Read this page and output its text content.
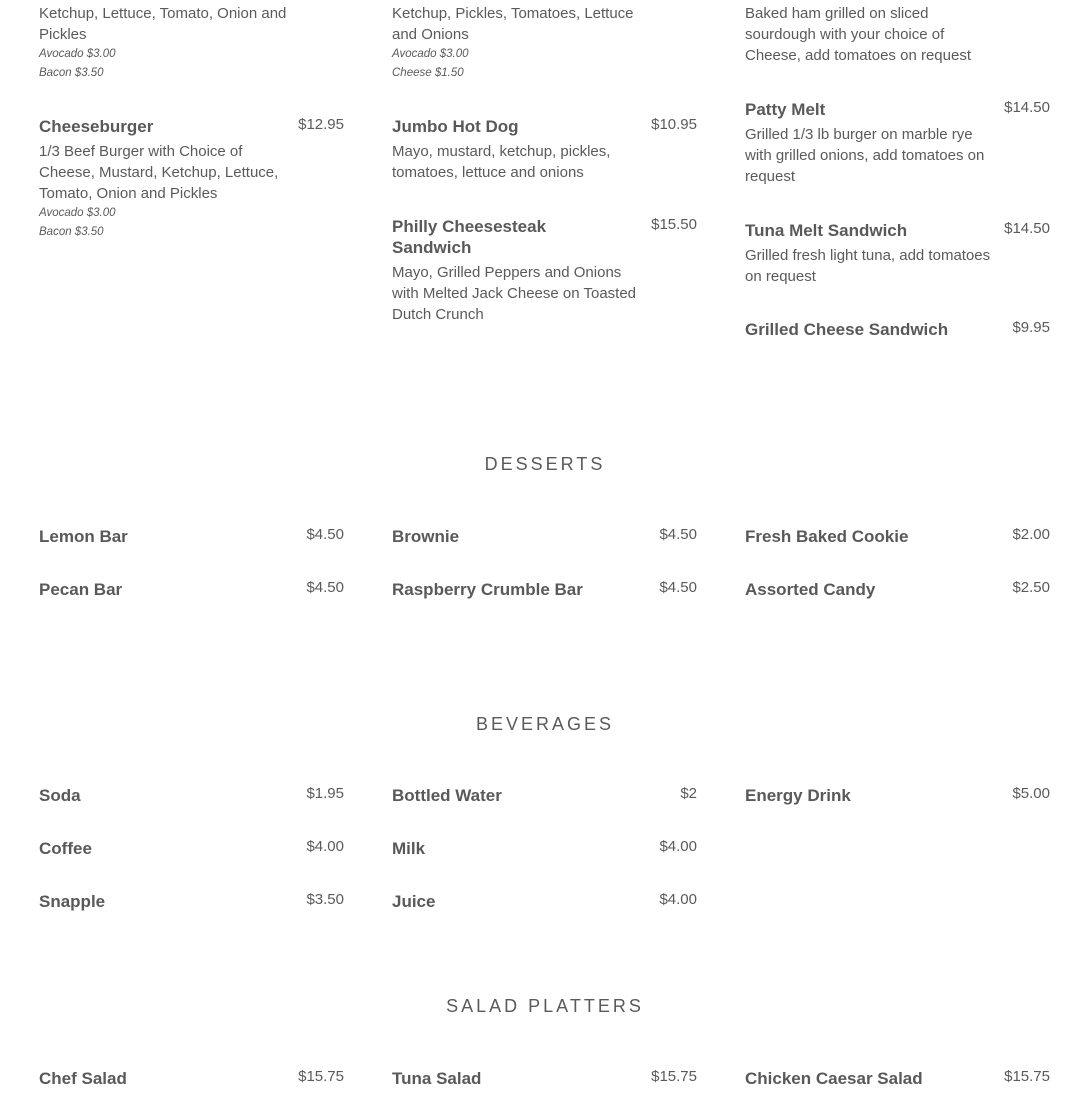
Ketchup, Lettuce, Tomato, Onion and Pickles
Avocado $3.00
Bacon $3.50
Ketchup, Pickles, Tomatoes, Lettuce and Onions
Avocado $3.00
Cheese $1.50
Baked ham grilled on sliced sourdough with your choice of Cheese, add tomatoes on request
Cheeseburger	$12.95
1/3 Beef Burger with Choice of Cheese, Mustard, Ketchup, Lettuce, Tomato, Onion and Pickles
Avocado $3.00
Bacon $3.50
Jumbo Hot Dog	$10.95
Mayo, mustard, ketchup, pickles, tomatoes, lettuce and onions
Philly Cheesesteak Sandwich
$15.50
Mayo, Grilled Peppers and Onions with Melted Jack Cheese on Toasted Dutch Crunch
Patty Melt	$14.50
Grilled 1/3 lb burger on marble rye with grilled onions, add tomatoes on request
Tuna Melt Sandwich	$14.50
Grilled fresh light tuna, add tomatoes on request
Grilled Cheese Sandwich	$9.95
DESSERTS
Lemon Bar	$4.50	Brownie	$4.50	Fresh Baked Cookie	$2.00
Pecan Bar	$4.50	Raspberry Crumble Bar	$4.50	Assorted Candy	$2.50
BEVERAGES
Soda	$1.95	Bottled Water	$2	Energy Drink	$5.00
Coffee	$4.00	Milk	$4.00
Snapple	$3.50	Juice	$4.00
SALAD PLATTERS
Chef Salad	$15.75	Tuna Salad	$15.75	Chicken Caesar Salad	$15.75
